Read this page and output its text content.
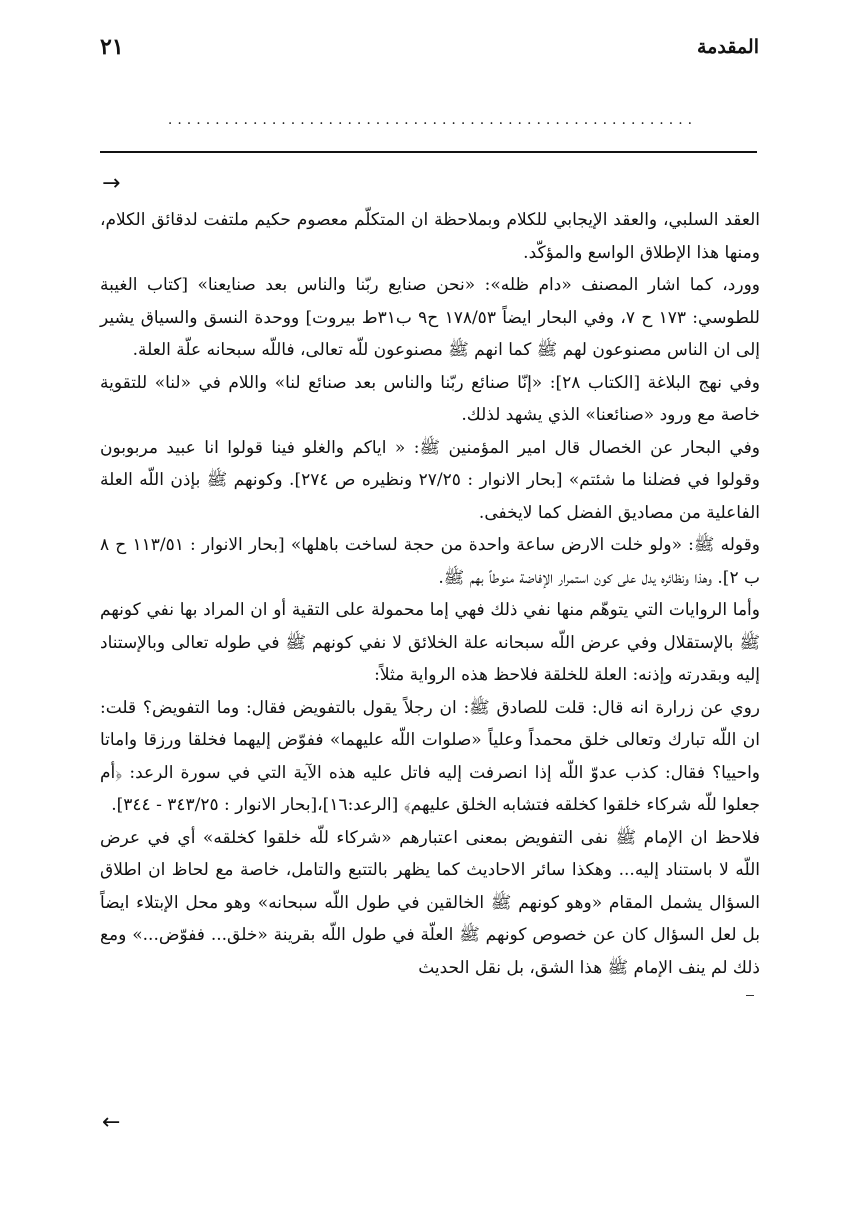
المقدمة
٢١
........................................................
→

العقد السلبي، والعقد الإيجابي للكلام وبملاحظة ان المتكلّم معصوم حكيم ملتفت لدقائق الكلام، ومنها هذا الإطلاق الواسع والمؤكّد.

وورد، كما اشار المصنف «دام ظله»: «نحن صنايع ربّنا والناس بعد صنايعنا» [كتاب الغيبة للطوسي: ١٧٣ ح ٧، وفي البحار ايضاً ١٧٨/٥٣ ح٩ ب٣١ط بيروت] ووحدة النسق والسياق يشير إلى ان الناس مصنوعون لهم ﷺ كما انهم ﷺ مصنوعون للّه تعالى، فاللّه سبحانه علّة العلة.

وفي نهج البلاغة [الكتاب ٢٨]: «إنّا صنائع ربّنا والناس بعد صنائع لنا» واللام في «لنا» للتقوية خاصة مع ورود «صنائعنا» الذي يشهد لذلك.

وفي البحار عن الخصال قال امير المؤمنين ﷺ: « اياكم والغلو فينا قولوا انا عبيد مربوبون وقولوا في فضلنا ما شئتم» [بحار الانوار : ٢٧/٢٥ ونظيره ص ٢٧٤]. وكونهم ﷺ بإذن اللّه العلة الفاعلية من مصاديق الفضل كما لايخفى.

وقوله ﷺ: «ولو خلت الارض ساعة واحدة من حجة لساخت باهلها» [بحار الانوار : ١١٣/٥١ ح ٨ ب ٢]. وهذا ونظائره يدل على كون استمرار الإفاضة منوطاً بهم ﷺ.

وأما الروايات التي يتوهّم منها نفي ذلك فهي إما محمولة على التقية أو ان المراد بها نفي كونهم ﷺ بالإستقلال وفي عرض اللّه سبحانه علة الخلائق لا نفي كونهم ﷺ في طوله تعالى وبالإستناد إليه وبقدرته وإذنه: العلة للخلقة فلاحظ هذه الرواية مثلاً:

روي عن زرارة انه قال: قلت للصادق ﷺ: ان رجلاً يقول بالتفويض فقال: وما التفويض؟ قلت: ان اللّه تبارك وتعالى خلق محمداً وعلياً «صلوات اللّه عليهما» ففوّض إليهما فخلقا ورزقا واماتا واحييا؟ فقال: كذب عدوّ اللّه إذا انصرفت إليه فاتل عليه هذه الآية التي في سورة الرعد: ﴿أم جعلوا للّه شركاء خلقوا كخلقه فتشابه الخلق عليهم﴾ [الرعد:١٦]،[بحار الانوار : ٣٤٣/٢٥ - ٣٤٤].

فلاحظ ان الإمام ﷺ نفى التفويض بمعنى اعتبارهم «شركاء للّه خلقوا كخلقه» أي في عرض اللّه لا باستناد إليه... وهكذا سائر الاحاديث كما يظهر بالتتبع والتامل، خاصة مع لحاظ ان اطلاق السؤال يشمل المقام «وهو كونهم ﷺ الخالقين في طول اللّه سبحانه» وهو محل الإبتلاء ايضاً بل لعل السؤال كان عن خصوص كونهم ﷺ العلّة في طول اللّه بقرينة «خلق... ففوّض...» ومع ذلك لم ينف الإمام ﷺ هذا الشق، بل نقل الحديث

←
